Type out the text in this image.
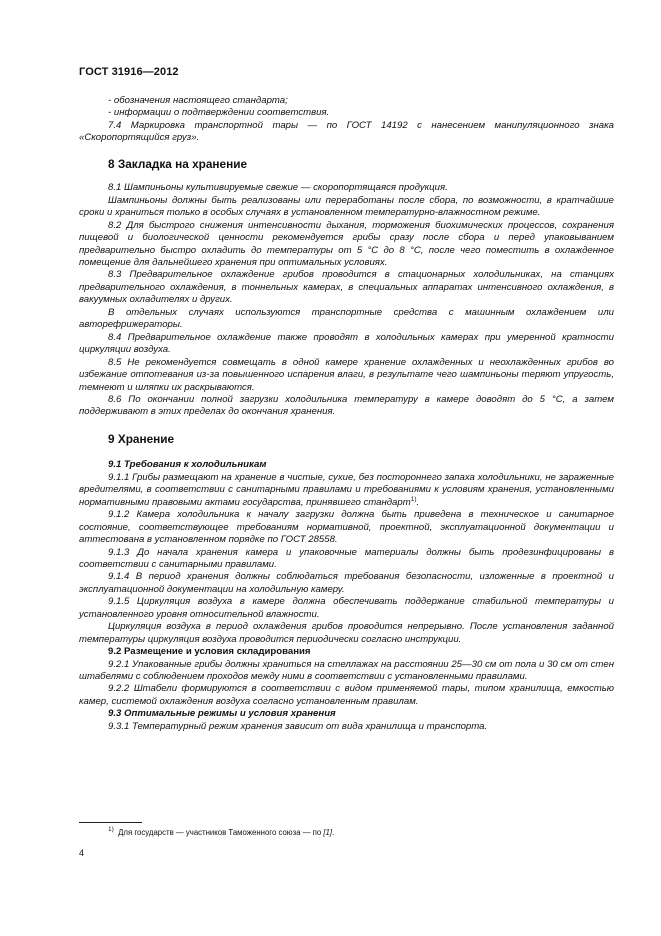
ГОСТ 31916—2012

- обозначения настоящего стандарта;

- информации о подтверждении соответствия.

7.4 Маркировка транспортной тары — по ГОСТ 14192 с нанесением манипуляционного знака «Скоропортящийся груз».

8 Закладка на хранение

8.1 Шампиньоны культивируемые свежие — скоропортящаяся продукция.

Шампиньоны должны быть реализованы или переработаны после сбора, по возможности, в кратчайшие сроки и храниться только в особых случаях в установленном температурно-влажностном режиме.

8.2 Для быстрого снижения интенсивности дыхания, торможения биохимических процессов, сохранения пищевой и биологической ценности рекомендуется грибы сразу после сбора и перед упаковыванием предварительно быстро охладить до температуры от 5 °С до 8 °С, после чего поместить в охлажденное помещение для дальнейшего хранения при оптимальных условиях.

8.3 Предварительное охлаждение грибов проводится в стационарных холодильниках, на станциях предварительного охлаждения, в тоннельных камерах, в специальных аппаратах интенсивного охлаждения, в вакуумных охладителях и других.

В отдельных случаях используются транспортные средства с машинным охлаждением или авторефрижераторы.

8.4 Предварительное охлаждение также проводят в холодильных камерах при умеренной кратности циркуляции воздуха.

8.5 Не рекомендуется совмещать в одной камере хранение охлажденных и неохлажденных грибов во избежание отпотевания из-за повышенного испарения влаги, в результате чего шампиньоны теряют упругость, темнеют и шляпки их раскрываются.

8.6 По окончании полной загрузки холодильника температуру в камере доводят до 5 °С, а затем поддерживают в этих пределах до окончания хранения.

9 Хранение

9.1 Требования к холодильникам

9.1.1 Грибы размещают на хранение в чистые, сухие, без постороннего запаха холодильники, не зараженные вредителями, в соответствии с санитарными правилами и требованиями к условиям хранения, установленными нормативными правовыми актами государства, принявшего стандарт$^{1)}$.

9.1.2 Камера холодильника к началу загрузки должна быть приведена в техническое и санитарное состояние, соответствующее требованиям нормативной, проектной, эксплуатационной документации и аттестована в установленном порядке по ГОСТ 28558.

9.1.3 До начала хранения камера и упаковочные материалы должны быть продезинфицированы в соответствии с санитарными правилами.

9.1.4 В период хранения должны соблюдаться требования безопасности, изложенные в проектной и эксплуатационной документации на холодильную камеру.

9.1.5 Циркуляция воздуха в камере должна обеспечивать поддержание стабильной температуры и установленного уровня относительной влажности.

Циркуляция воздуха в период охлаждения грибов проводится непрерывно. После установления заданной температуры циркуляция воздуха проводится периодически согласно инструкции.

9.2 Размещение и условия складирования

9.2.1 Упакованные грибы должны храниться на стеллажах на расстоянии 25—30 см от пола и 30 см от стен штабелями с соблюдением проходов между ними в соответствии с установленными правилами.

9.2.2 Штабели формируются в соответствии с видом применяемой тары, типом хранилища, емкостью камер, системой охлаждения воздуха согласно установленным правилам.

9.3 Оптимальные режимы и условия хранения

9.3.1 Температурный режим хранения зависит от вида хранилища и транспорта.

$^{1)}$ Для государств — участников Таможенного союза — по [1].
4
